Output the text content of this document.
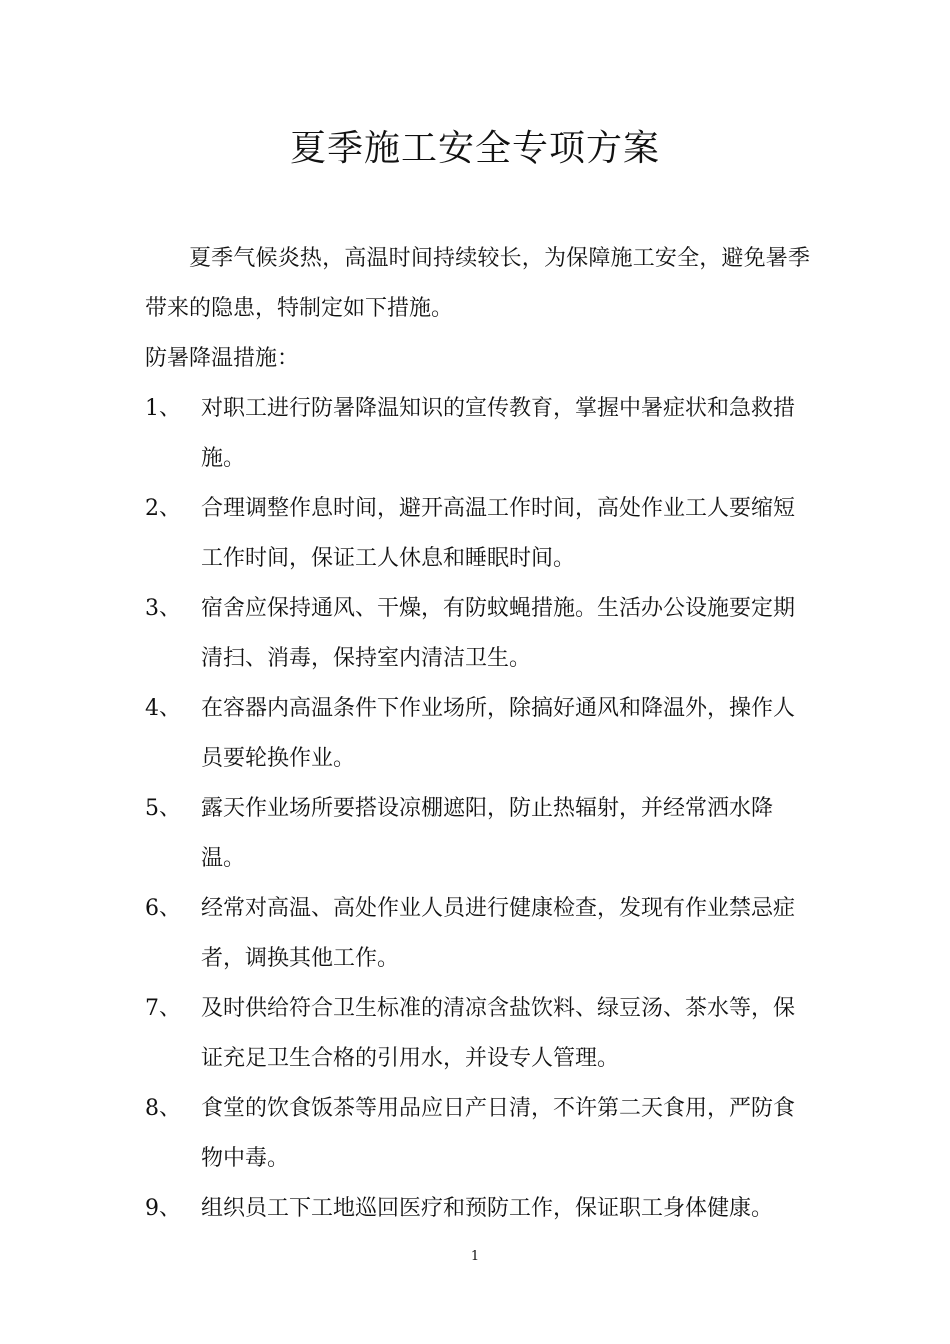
夏季施工安全专项方案
夏季气候炎热，高温时间持续较长，为保障施工安全，避免暑季带来的隐患，特制定如下措施。
防暑降温措施：
1、 对职工进行防暑降温知识的宣传教育，掌握中暑症状和急救措施。
2、 合理调整作息时间，避开高温工作时间，高处作业工人要缩短工作时间，保证工人休息和睡眠时间。
3、 宿舍应保持通风、干燥，有防蚊蝇措施。生活办公设施要定期清扫、消毒，保持室内清洁卫生。
4、 在容器内高温条件下作业场所，除搞好通风和降温外，操作人员要轮换作业。
5、 露天作业场所要搭设凉棚遮阳，防止热辐射，并经常洒水降温。
6、 经常对高温、高处作业人员进行健康检查，发现有作业禁忌症者，调换其他工作。
7、 及时供给符合卫生标准的清凉含盐饮料、绿豆汤、茶水等，保证充足卫生合格的引用水，并设专人管理。
8、 食堂的饮食饭茶等用品应日产日清，不许第二天食用，严防食物中毒。
9、 组织员工下工地巡回医疗和预防工作，保证职工身体健康。
1
